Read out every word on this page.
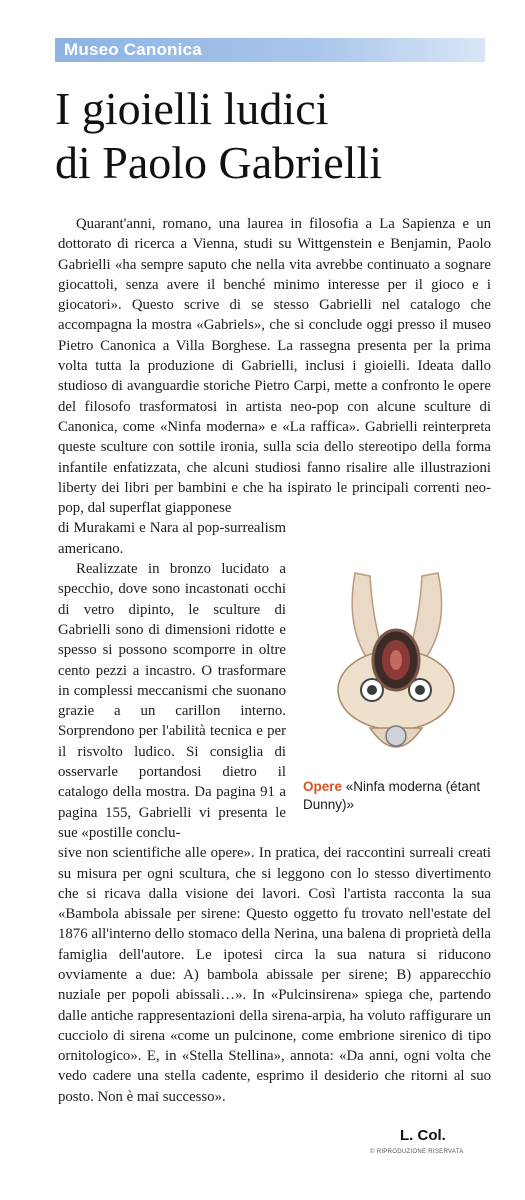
Museo Canonica
I gioielli ludici
di Paolo Gabrielli

Quarant'anni, romano, una laurea in filosofia a La Sapienza e un dottorato di ricerca a Vienna, studi su Wittgenstein e Benjamin, Paolo Gabrielli «ha sempre saputo che nella vita avrebbe continuato a sognare giocattoli, senza avere il benché minimo interesse per il gioco e i giocatori». Questo scrive di se stesso Gabrielli nel catalogo che accompagna la mostra «Gabriels», che si conclude oggi presso il museo Pietro Canonica a Villa Borghese. La rassegna presenta per la prima volta tutta la produzione di Gabrielli, inclusi i gioielli. Ideata dallo studioso di avanguardie storiche Pietro Carpi, mette a confronto le opere del filosofo trasformatosi in artista neo-pop con alcune sculture di Canonica, come «Ninfa moderna» e «La raffica». Gabrielli reinterpreta queste sculture con sottile ironia, sulla scia dello stereotipo della forma infantile enfatizzata, che alcuni studiosi fanno risalire alle illustrazioni liberty dei libri per bambini e che ha ispirato le principali correnti neo-pop, dal superflat giapponese

di Murakami e Nara al pop-surrealism americano.

Realizzate in bronzo lucidato a specchio, dove sono incastonati occhi di vetro dipinto, le sculture di Gabrielli sono di dimensioni ridotte e spesso si possono scomporre in oltre cento pezzi a incastro. O trasformare in complessi meccanismi che suonano grazie a un carillon interno. Sorprendono per l'abilità tecnica e per il risvolto ludico. Si consiglia di osservarle portandosi dietro il catalogo della mostra. Da pagina 91 a pagina 155, Gabrielli vi presenta le sue «postille conclu-

sive non scientifiche alle opere». In pratica, dei raccontini surreali creati su misura per ogni scultura, che si leggono con lo stesso divertimento che si ricava dalla visione dei lavori. Così l'artista racconta la sua «Bambola abissale per sirene: Questo oggetto fu trovato nell'estate del 1876 all'interno dello stomaco della Nerina, una balena di proprietà della famiglia dell'autore. Le ipotesi circa la sua natura si riducono ovviamente a due: A) bambola abissale per sirene; B) apparecchio nuziale per popoli abissali…». In «Pulcinsirena» spiega che, partendo dalle antiche rappresentazioni della sirena-arpia, ha voluto raffigurare un cucciolo di sirena «come un pulcinone, come embrione sirenico di tipo ornitologico». E, in «Stella Stellina», annota: «Da anni, ogni volta che vedo cadere una stella cadente, esprimo il desiderio che ritorni al suo posto. Non è mai successo».

Opere «Ninfa moderna (étant Dunny)»
L. Col.
© RIPRODUZIONE RISERVATA
